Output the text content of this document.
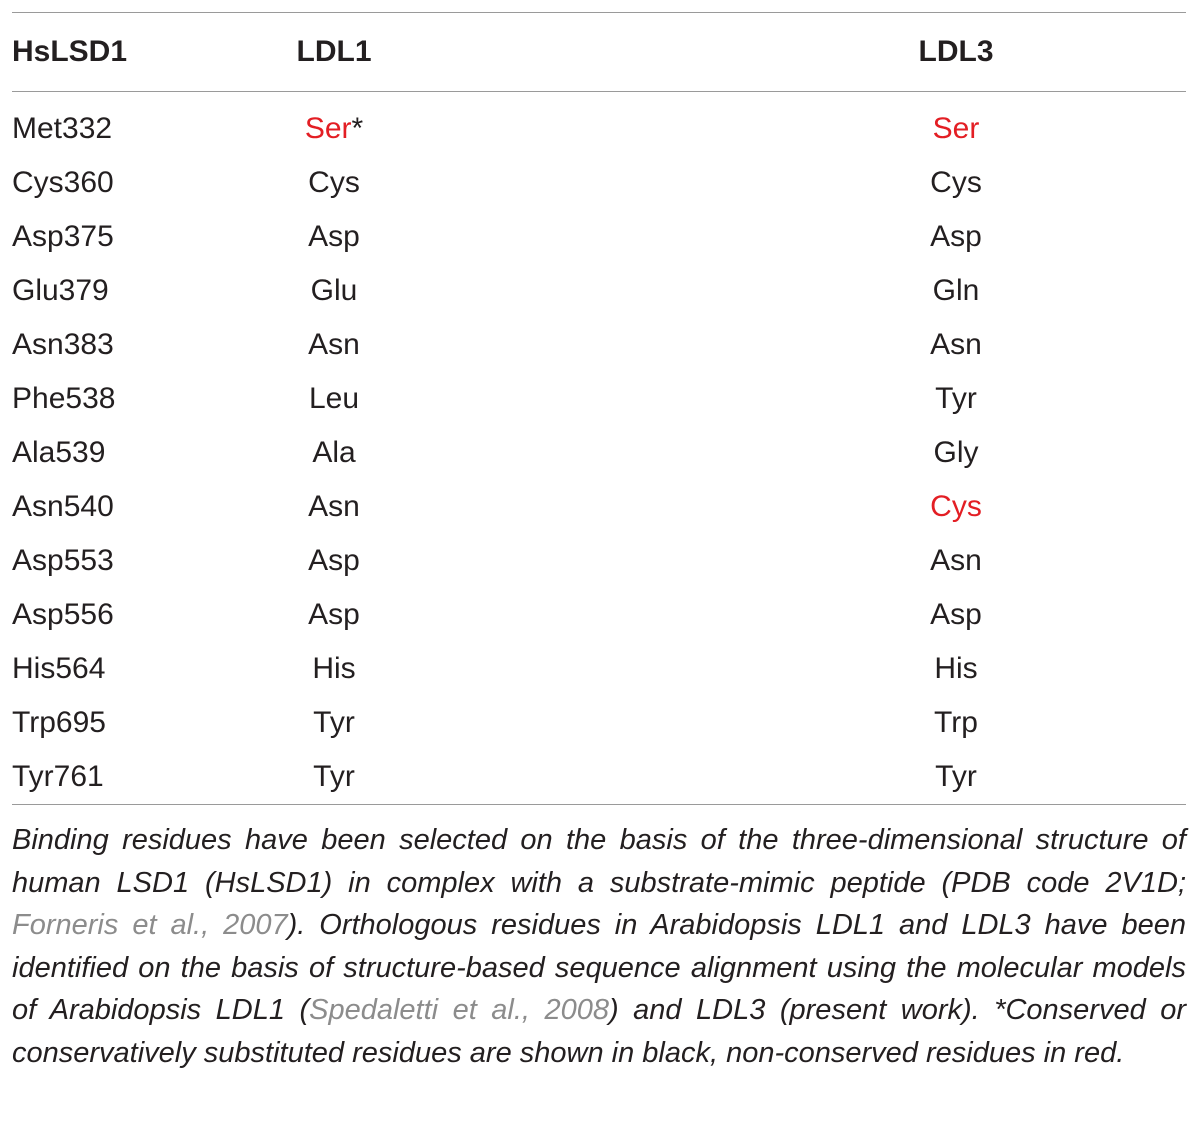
HsLSD1	LDL1	LDL3
Met332	Ser*	Ser
Cys360	Cys	Cys
Asp375	Asp	Asp
Glu379	Glu	Gln
Asn383	Asn	Asn
Phe538	Leu	Tyr
Ala539	Ala	Gly
Asn540	Asn	Cys
Asp553	Asp	Asn
Asp556	Asp	Asp
His564	His	His
Trp695	Tyr	Trp
Tyr761	Tyr	Tyr

Binding residues have been selected on the basis of the three-dimensional structure of human LSD1 (HsLSD1) in complex with a substrate-mimic peptide (PDB code 2V1D; Forneris et al., 2007). Orthologous residues in Arabidopsis LDL1 and LDL3 have been identified on the basis of structure-based sequence alignment using the molecular models of Arabidopsis LDL1 (Spedaletti et al., 2008) and LDL3 (present work). *Conserved or conservatively substituted residues are shown in black, non-conserved residues in red.
